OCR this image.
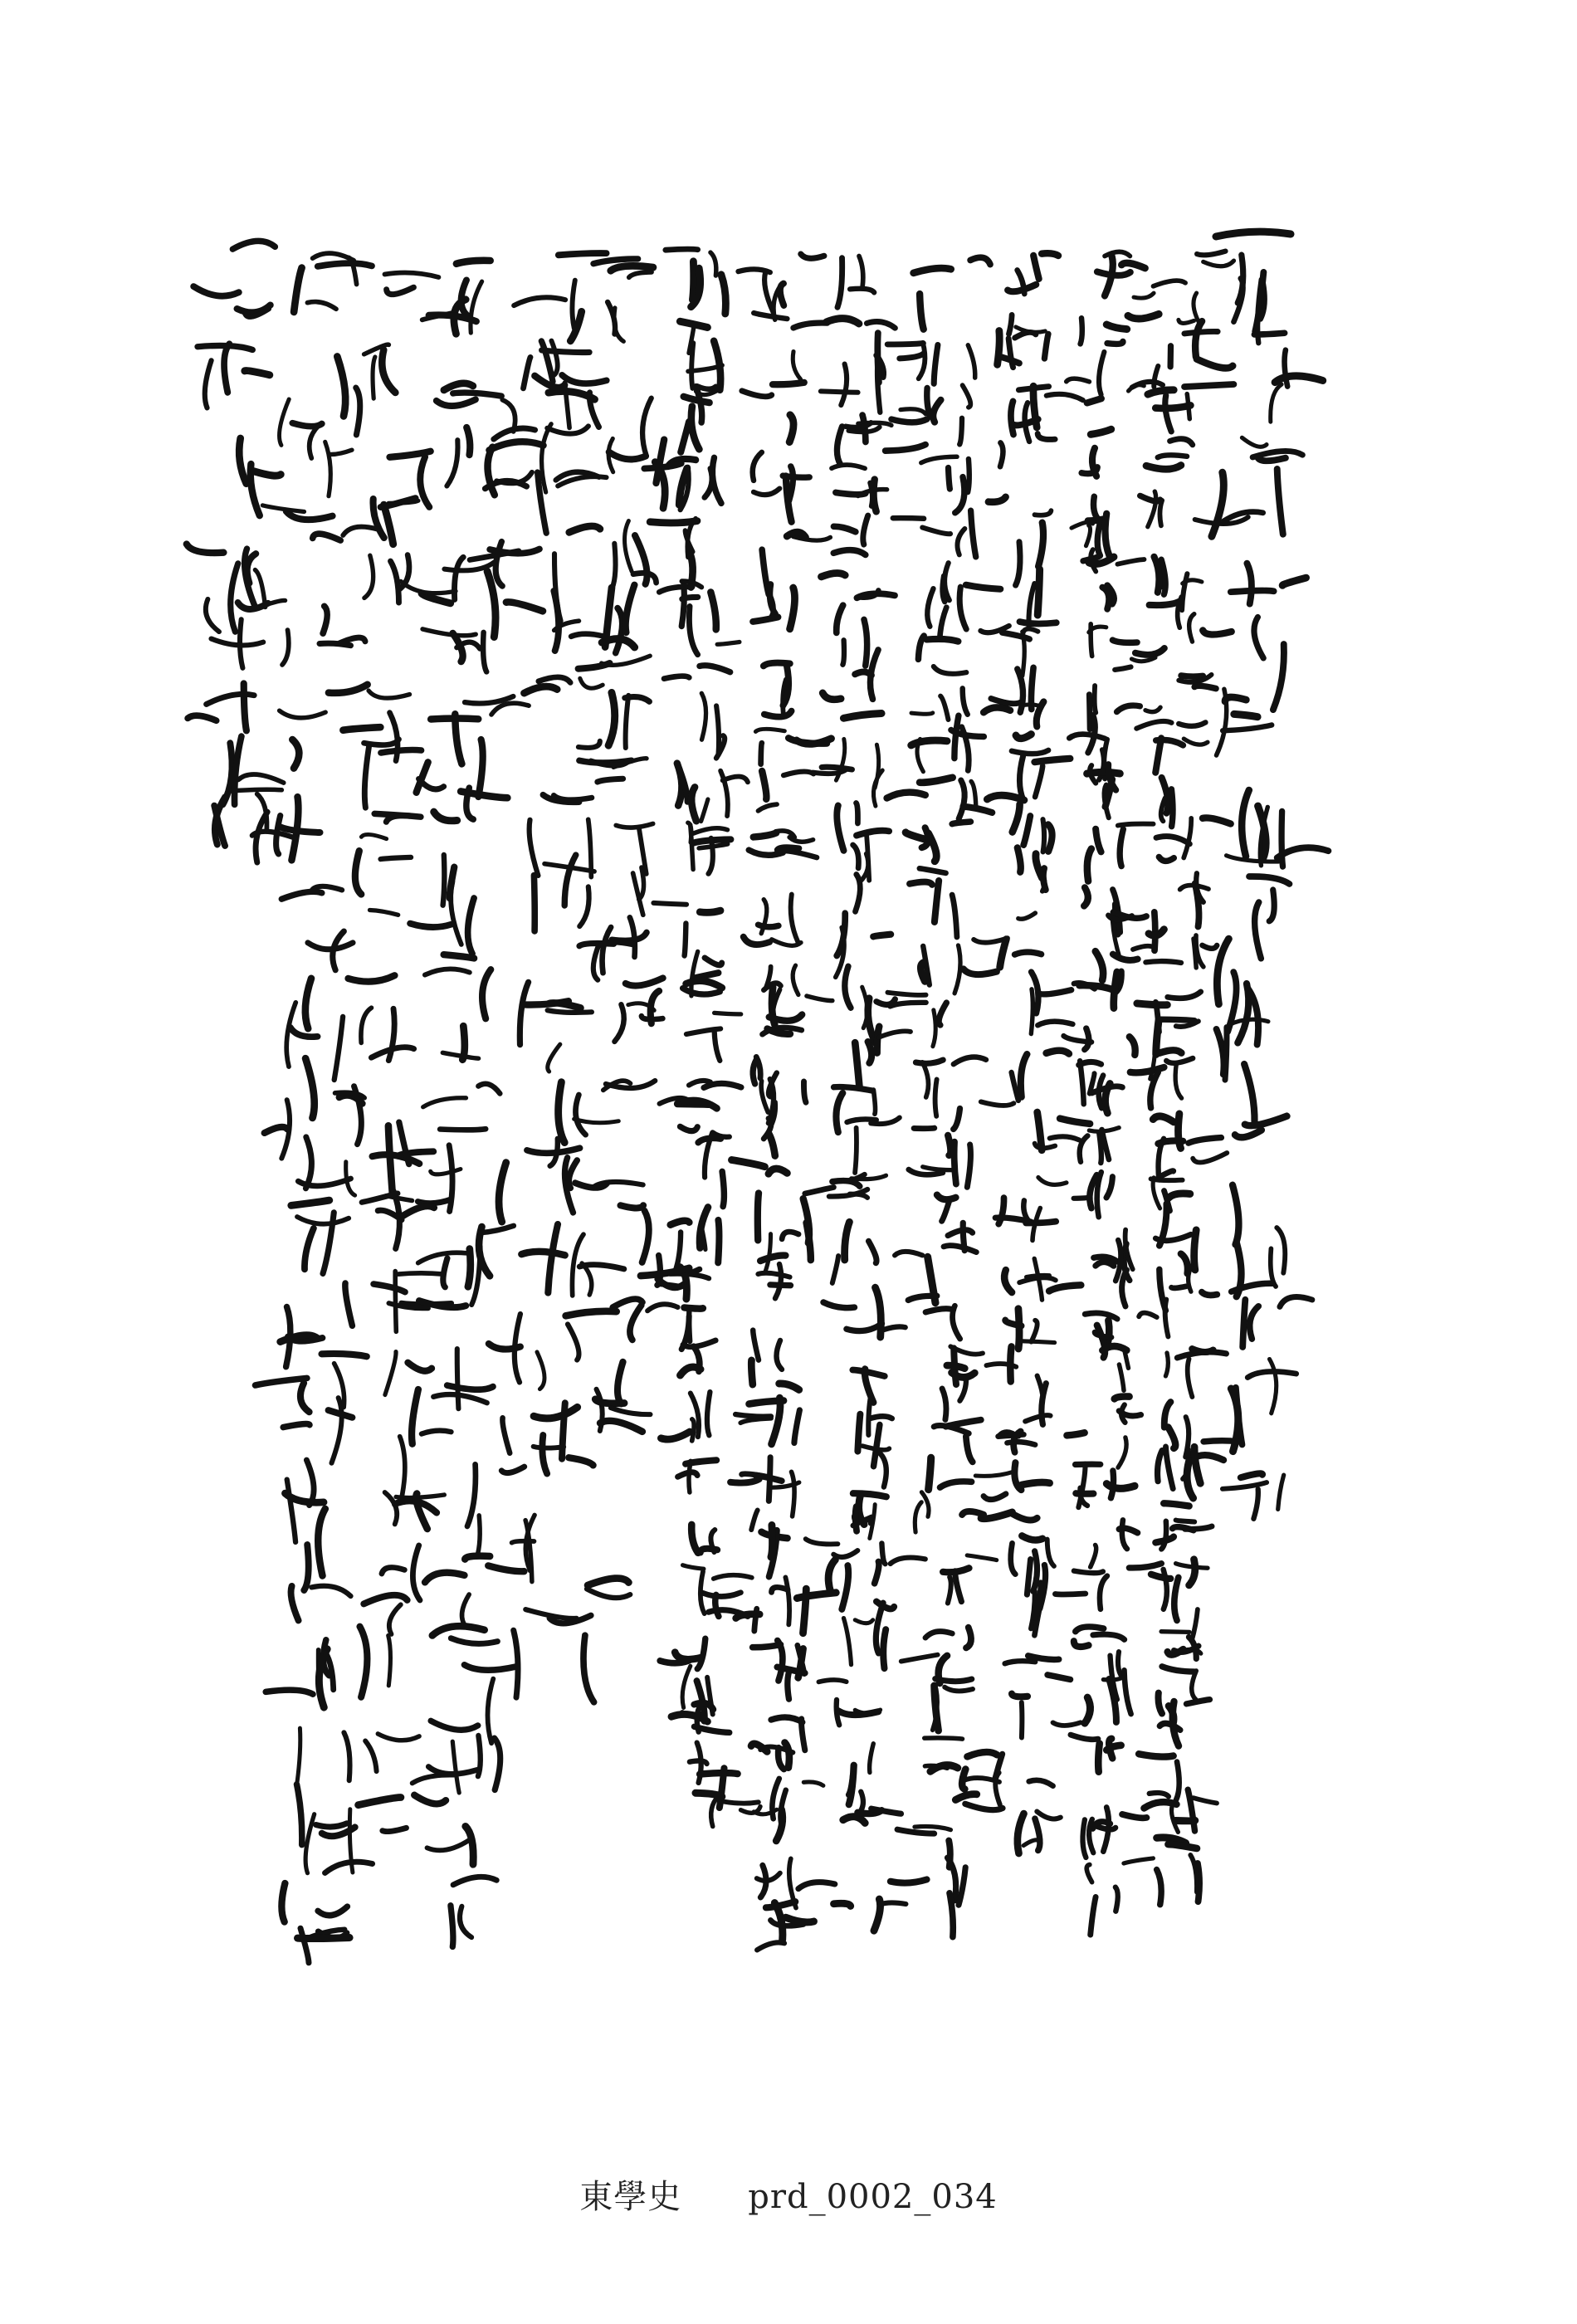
東學史 prd_0002_034
